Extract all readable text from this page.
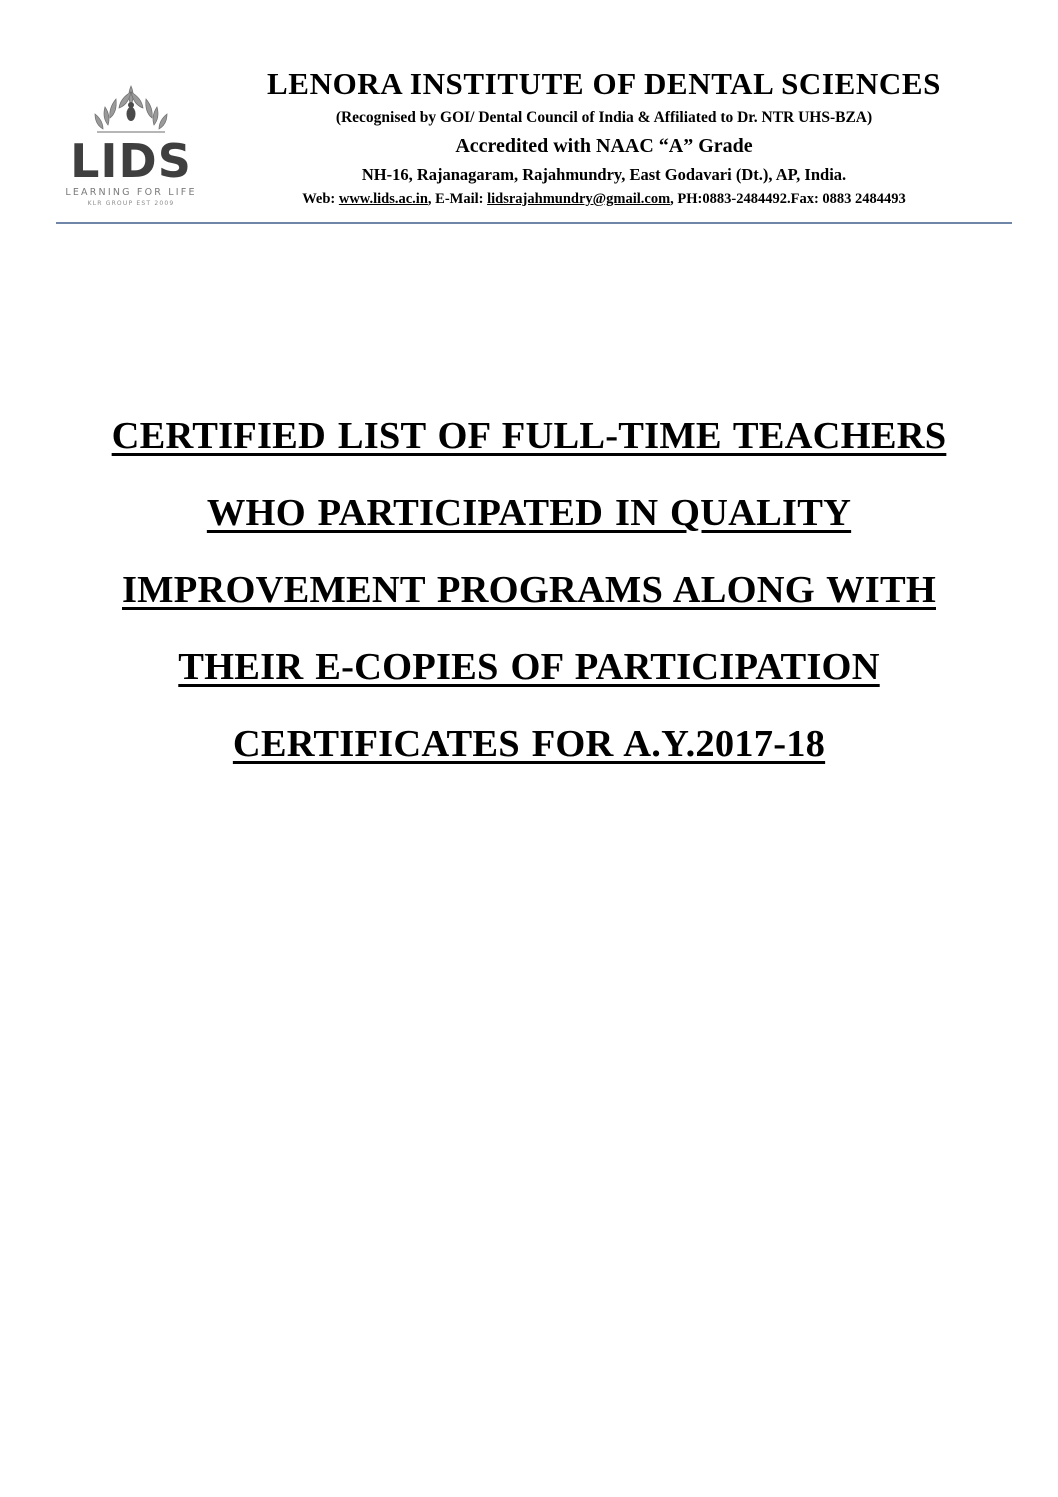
LIDS
LEARNING FOR LIFE
KLR GROUP EST 2009
LENORA INSTITUTE OF DENTAL SCIENCES

(Recognised by GOI/ Dental Council of India & Affiliated to Dr. NTR UHS-BZA)

Accredited with NAAC “A” Grade

NH-16, Rajanagaram, Rajahmundry, East Godavari (Dt.), AP, India.

Web: www.lids.ac.in, E-Mail: lidsrajahmundry@gmail.com, PH:0883-2484492.Fax: 0883 2484493

CERTIFIED LIST OF FULL-TIME TEACHERS WHO PARTICIPATED IN QUALITY IMPROVEMENT PROGRAMS ALONG WITH THEIR E-COPIES OF PARTICIPATION CERTIFICATES FOR A.Y.2017-18
